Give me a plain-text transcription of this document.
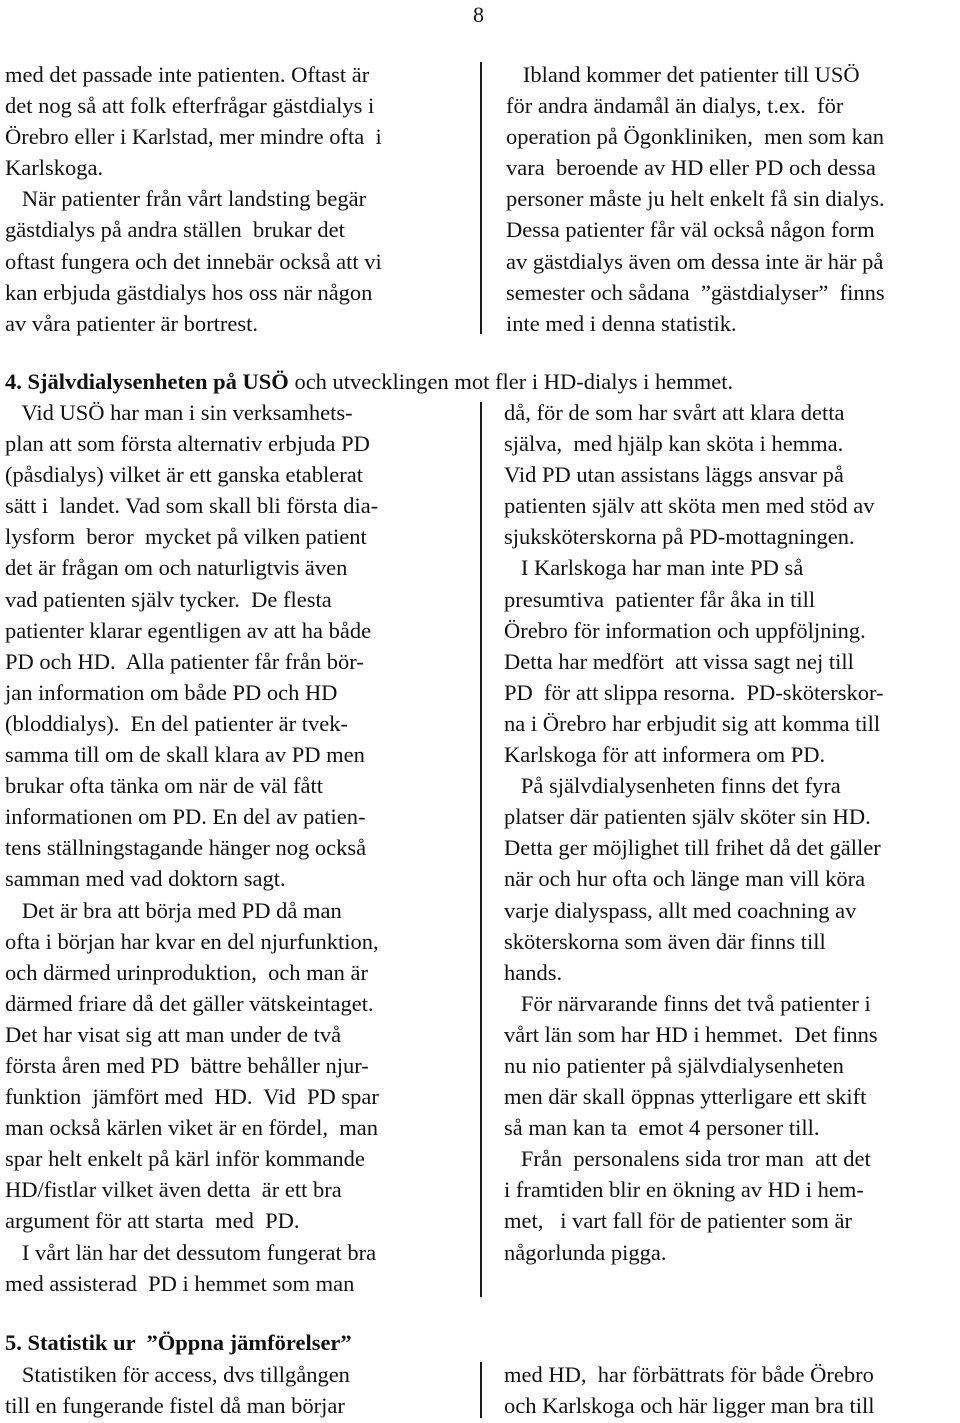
8
med det passade inte patienten. Oftast är
det nog så att folk efterfrågar gästdialys i
Örebro eller i Karlstad, mer mindre ofta  i
Karlskoga.
När patienter från vårt landsting begär
gästdialys på andra ställen  brukar det
oftast fungera och det innebär också att vi
kan erbjuda gästdialys hos oss när någon
av våra patienter är bortrest.
Ibland kommer det patienter till USÖ
för andra ändamål än dialys, t.ex.  för
operation på Ögonkliniken,  men som kan
vara  beroende av HD eller PD och dessa
personer måste ju helt enkelt få sin dialys.
Dessa patienter får väl också någon form
av gästdialys även om dessa inte är här på
semester och sådana  ”gästdialyser”  finns
inte med i denna statistik.
4. Självdialysenheten på USÖ och utvecklingen mot fler i HD-dialys i hemmet.
Vid USÖ har man i sin verksamhets-
plan att som första alternativ erbjuda PD
(påsdialys) vilket är ett ganska etablerat
sätt i  landet. Vad som skall bli första dia-
lysform  beror  mycket på vilken patient
det är frågan om och naturligtvis även
vad patienten själv tycker.  De flesta
patienter klarar egentligen av att ha både
PD och HD.  Alla patienter får från bör-
jan information om både PD och HD
(bloddialys).  En del patienter är tvek-
samma till om de skall klara av PD men
brukar ofta tänka om när de väl fått
informationen om PD. En del av patien-
tens ställningstagande hänger nog också
samman med vad doktorn sagt.
Det är bra att börja med PD då man
ofta i början har kvar en del njurfunktion,
och därmed urinproduktion,  och man är
därmed friare då det gäller vätskeintaget.
Det har visat sig att man under de två
första åren med PD  bättre behåller njur-
funktion  jämfört med  HD.  Vid  PD spar
man också kärlen viket är en fördel,  man
spar helt enkelt på kärl inför kommande
HD/fistlar vilket även detta  är ett bra
argument för att starta  med  PD.
I vårt län har det dessutom fungerat bra
med assisterad  PD i hemmet som man
då, för de som har svårt att klara detta
själva,  med hjälp kan sköta i hemma.
Vid PD utan assistans läggs ansvar på
patienten själv att sköta men med stöd av
sjuksköterskorna på PD-mottagningen.
I Karlskoga har man inte PD så
presumtiva  patienter får åka in till
Örebro för information och uppföljning.
Detta har medfört  att vissa sagt nej till
PD  för att slippa resorna.  PD-sköterskor-
na i Örebro har erbjudit sig att komma till
Karlskoga för att informera om PD.
På självdialysenheten finns det fyra
platser där patienten själv sköter sin HD.
Detta ger möjlighet till frihet då det gäller
när och hur ofta och länge man vill köra
varje dialyspass, allt med coachning av
sköterskorna som även där finns till
hands.
För närvarande finns det två patienter i
vårt län som har HD i hemmet.  Det finns
nu nio patienter på självdialysenheten
men där skall öppnas ytterligare ett skift
så man kan ta  emot 4 personer till.
Från  personalens sida tror man  att det
i framtiden blir en ökning av HD i hem-
met,   i vart fall för de patienter som är
någorlunda pigga.
5. Statistik ur  ”Öppna jämförelser”
Statistiken för access, dvs tillgången
till en fungerande fistel då man börjar
med HD,  har förbättrats för både Örebro
och Karlskoga och här ligger man bra till
